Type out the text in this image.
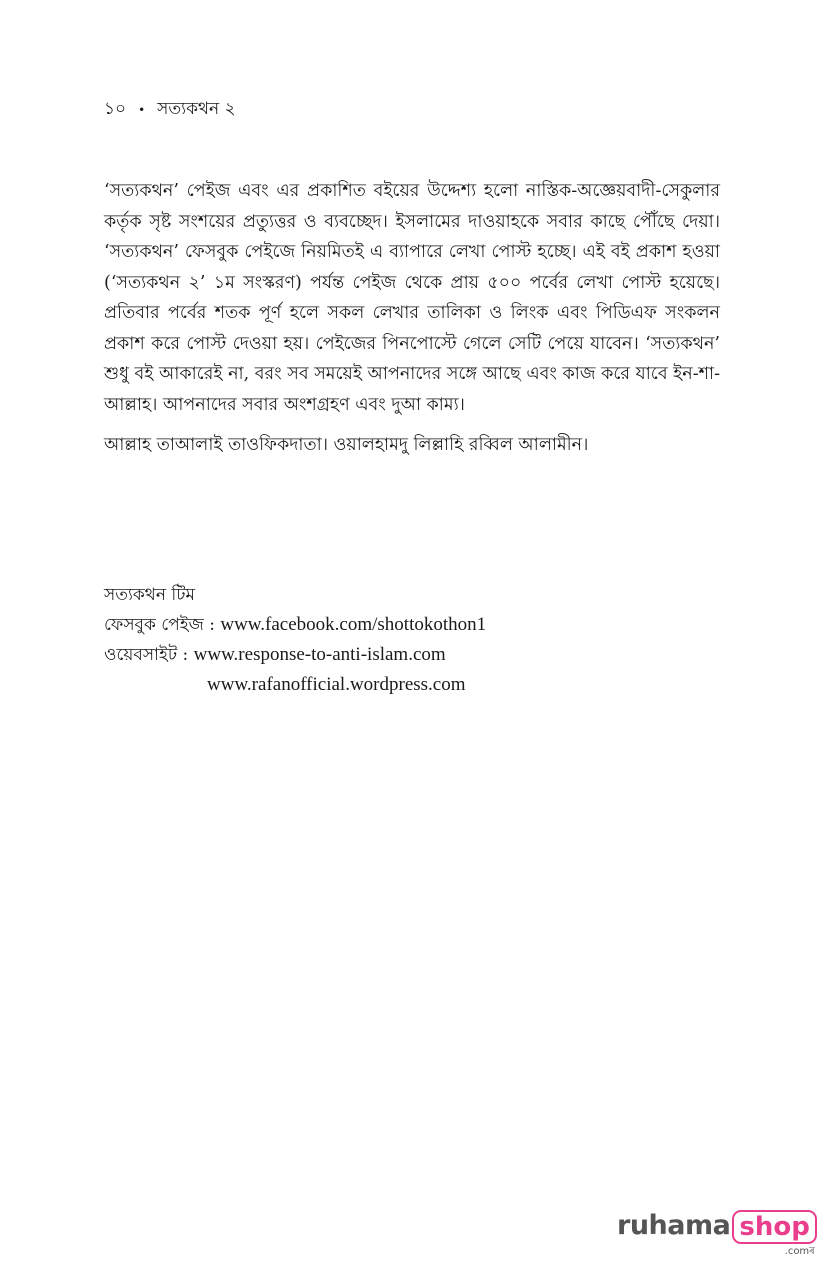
১০ • সত্যকথন ২

‘সত্যকথন’ পেইজ এবং এর প্রকাশিত বইয়ের উদ্দেশ্য হলো নাস্তিক-অজ্ঞেয়বাদী-সেকুলার কর্তৃক সৃষ্ট সংশয়ের প্রত্যুত্তর ও ব্যবচ্ছেদ। ইসলামের দাওয়াহকে সবার কাছে পৌঁছে দেয়া। ‘সত্যকথন’ ফেসবুক পেইজে নিয়মিতই এ ব্যাপারে লেখা পোস্ট হচ্ছে। এই বই প্রকাশ হওয়া (‘সত্যকথন ২’ ১ম সংস্করণ) পর্যন্ত পেইজ থেকে প্রায় ৫০০ পর্বের লেখা পোস্ট হয়েছে। প্রতিবার পর্বের শতক পূর্ণ হলে সকল লেখার তালিকা ও লিংক এবং পিডিএফ সংকলন প্রকাশ করে পোস্ট দেওয়া হয়। পেইজের পিনপোস্টে গেলে সেটি পেয়ে যাবেন। ‘সত্যকথন’ শুধু বই আকারেই না, বরং সব সময়েই আপনাদের সঙ্গে আছে এবং কাজ করে যাবে ইন-শা-আল্লাহ। আপনাদের সবার অংশগ্রহণ এবং দুআ কাম্য।

আল্লাহ তাআলাই তাওফিকদাতা। ওয়ালহামদু লিল্লাহি রব্বিল আলামীন।

সত্যকথন টিম
ফেসবুক পেইজ : www.facebook.com/shottokothon1
ওয়েবসাইট : www.response-to-anti-islam.com
www.rafanofficial.wordpress.com
ruhama shop
.comৰ
